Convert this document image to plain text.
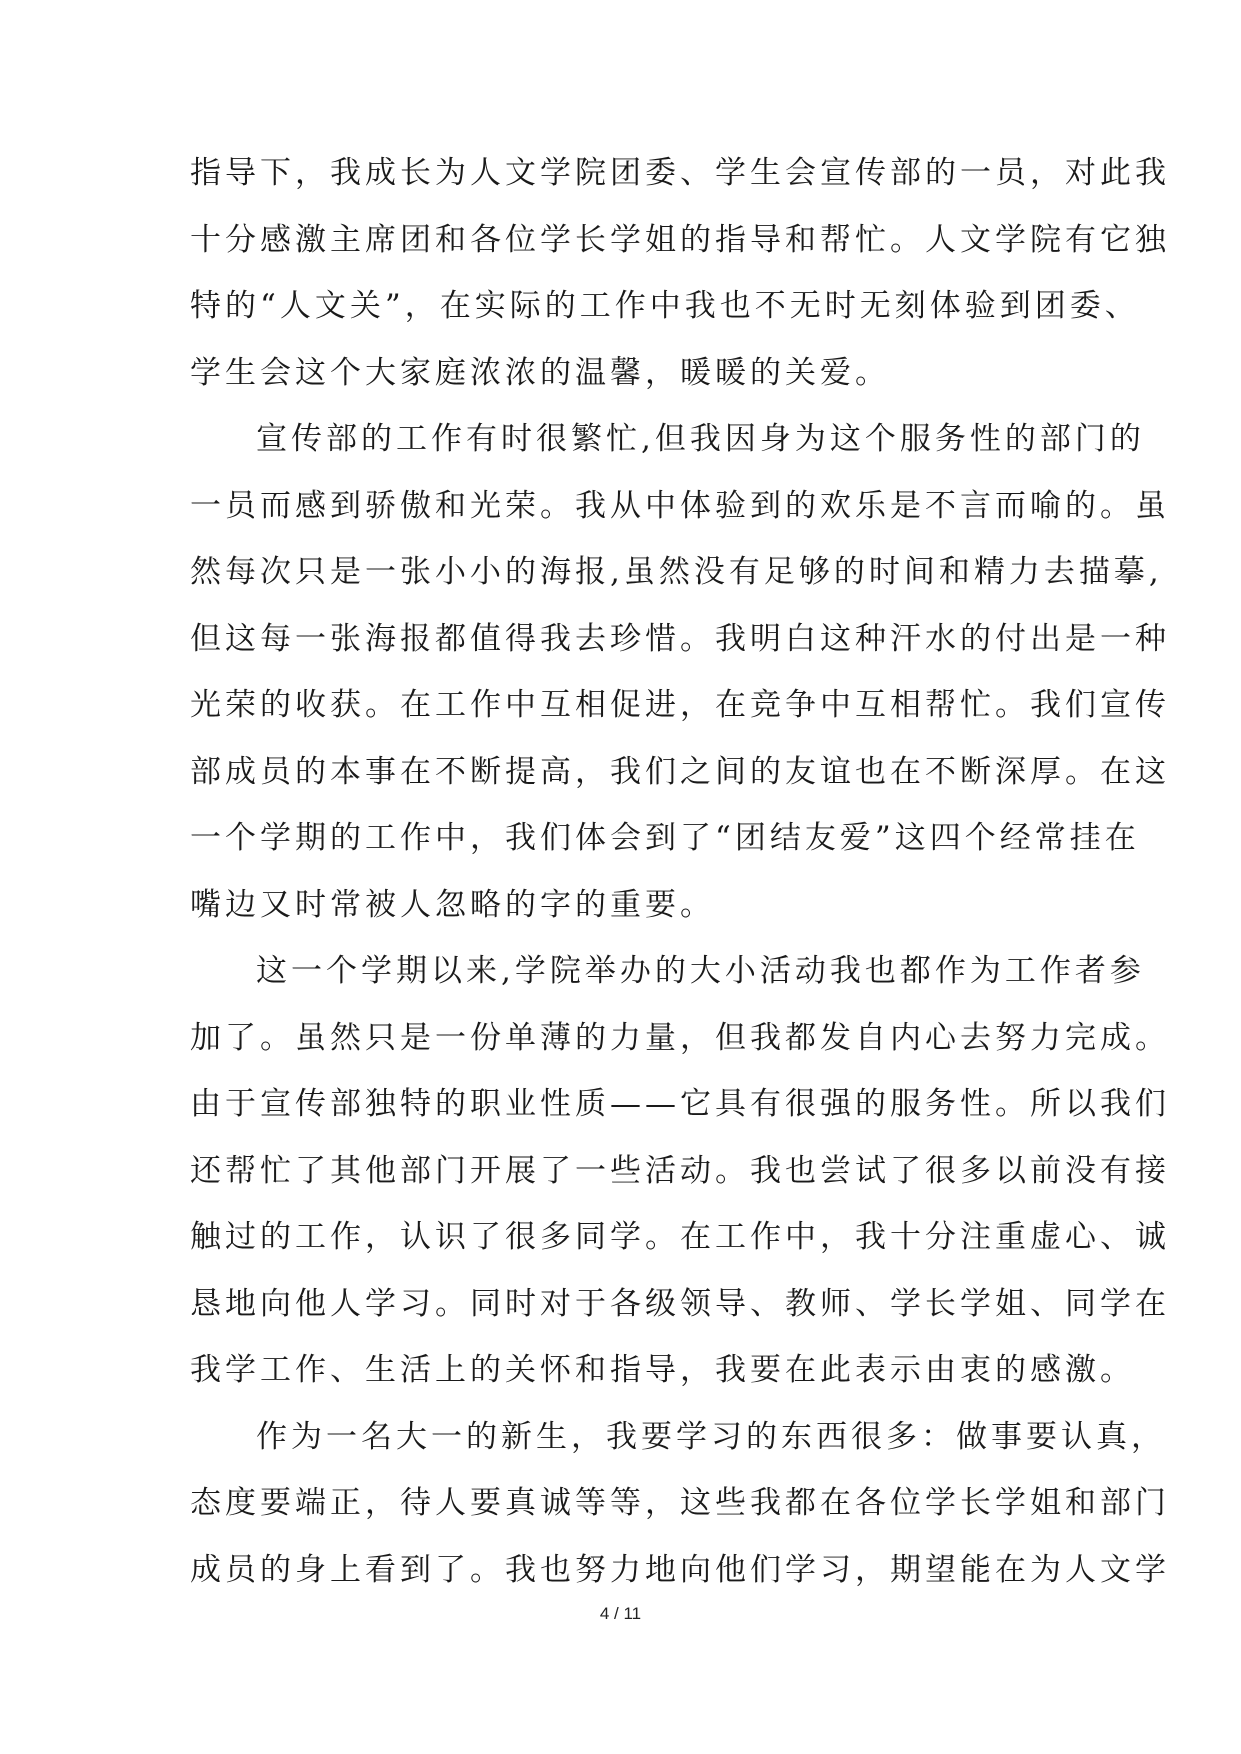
指导下，我成长为人文学院团委、学生会宣传部的一员，对此我
十分感激主席团和各位学长学姐的指导和帮忙。人文学院有它独
特的“人文关”，在实际的工作中我也不无时无刻体验到团委、
学生会这个大家庭浓浓的温馨，暖暖的关爱。
宣传部的工作有时很繁忙,但我因身为这个服务性的部门的
一员而感到骄傲和光荣。我从中体验到的欢乐是不言而喻的。虽
然每次只是一张小小的海报,虽然没有足够的时间和精力去描摹,
但这每一张海报都值得我去珍惜。我明白这种汗水的付出是一种
光荣的收获。在工作中互相促进，在竞争中互相帮忙。我们宣传
部成员的本事在不断提高，我们之间的友谊也在不断深厚。在这
一个学期的工作中，我们体会到了“团结友爱”这四个经常挂在
嘴边又时常被人忽略的字的重要。
这一个学期以来,学院举办的大小活动我也都作为工作者参
加了。虽然只是一份单薄的力量，但我都发自内心去努力完成。
由于宣传部独特的职业性质——它具有很强的服务性。所以我们
还帮忙了其他部门开展了一些活动。我也尝试了很多以前没有接
触过的工作，认识了很多同学。在工作中，我十分注重虚心、诚
恳地向他人学习。同时对于各级领导、教师、学长学姐、同学在
我学工作、生活上的关怀和指导，我要在此表示由衷的感激。
作为一名大一的新生，我要学习的东西很多：做事要认真，
态度要端正，待人要真诚等等，这些我都在各位学长学姐和部门
成员的身上看到了。我也努力地向他们学习，期望能在为人文学
4 / 11
